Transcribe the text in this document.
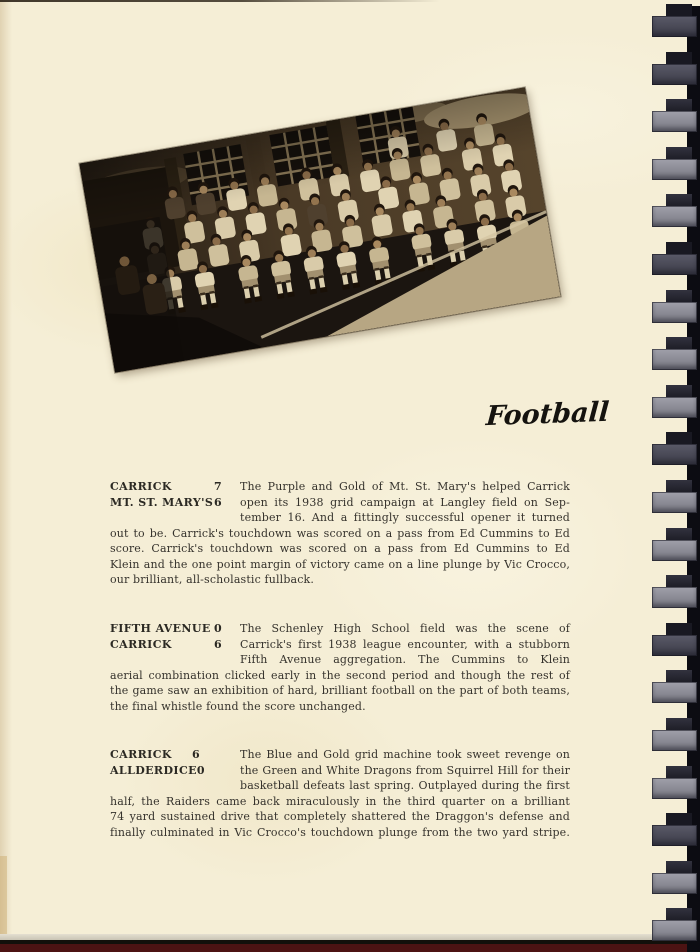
Football
CARRICK	7
MT. ST. MARY'S 6
The Purple and Gold of Mt. St. Mary's helped Carrick
open its 1938 grid campaign at Langley field on Sep-
tember 16. And a fittingly successful opener it turned
out to be. Carrick's touchdown was scored on a pass from Ed Cummins to Ed
score. Carrick's touchdown was scored on a pass from Ed Cummins to Ed
Klein and the one point margin of victory came on a line plunge by Vic Crocco,
our brilliant, all-scholastic fullback.
FIFTH AVENUE 0
CARRICK	6
The Schenley High School field was the scene of
Carrick's first 1938 league encounter, with a stubborn
Fifth Avenue aggregation. The Cummins to Klein
aerial combination clicked early in the second period and though the rest of
the game saw an exhibition of hard, brilliant football on the part of both teams,
the final whistle found the score unchanged.
CARRICK 6
ALLDERDICE 0
The Blue and Gold grid machine took sweet revenge on
the Green and White Dragons from Squirrel Hill for their
basketball defeats last spring. Outplayed during the first
half, the Raiders came back miraculously in the third quarter on a brilliant
74 yard sustained drive that completely shattered the Draggon's defense and
finally culminated in Vic Crocco's touchdown plunge from the two yard stripe.
